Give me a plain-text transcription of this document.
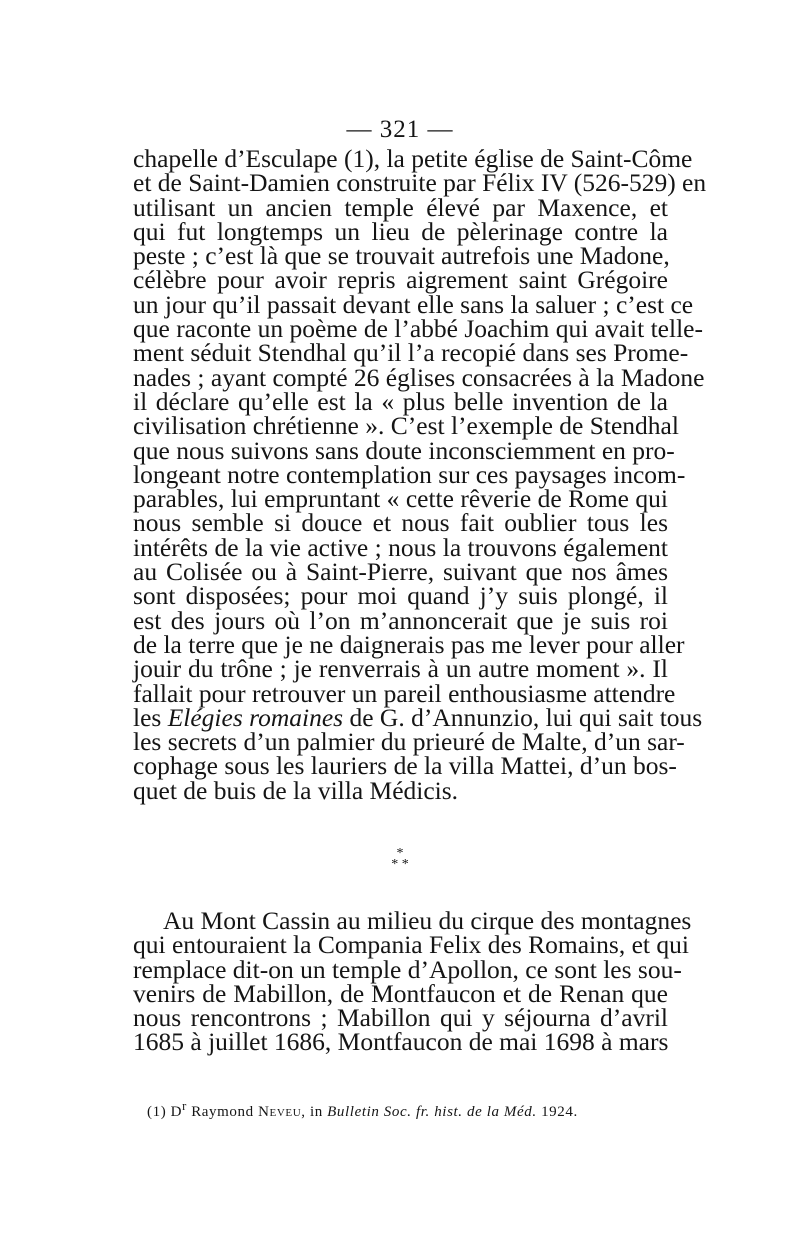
— 321 —
chapelle d’Esculape (1), la petite église de Saint-Côme
et de Saint-Damien construite par Félix IV (526-529) en
utilisant un ancien temple élevé par Maxence, et
qui fut longtemps un lieu de pèlerinage contre la
peste ; c’est là que se trouvait autrefois une Madone,
célèbre pour avoir repris aigrement saint Grégoire
un jour qu’il passait devant elle sans la saluer ; c’est ce
que raconte un poème de l’abbé Joachim qui avait telle-
ment séduit Stendhal qu’il l’a recopié dans ses Prome-
nades ; ayant compté 26 églises consacrées à la Madone
il déclare qu’elle est la « plus belle invention de la
civilisation chrétienne ». C’est l’exemple de Stendhal
que nous suivons sans doute inconsciemment en pro-
longeant notre contemplation sur ces paysages incom-
parables, lui empruntant « cette rêverie de Rome qui
nous semble si douce et nous fait oublier tous les
intérêts de la vie active ; nous la trouvons également
au Colisée ou à Saint-Pierre, suivant que nos âmes
sont disposées; pour moi quand j’y suis plongé, il
est des jours où l’on m’annoncerait que je suis roi
de la terre que je ne daignerais pas me lever pour aller
jouir du trône ; je renverrais à un autre moment ». Il
fallait pour retrouver un pareil enthousiasme attendre
les Elégies romaines de G. d’Annunzio, lui qui sait tous
les secrets d’un palmier du prieuré de Malte, d’un sar-
cophage sous les lauriers de la villa Mattei, d’un bos-
quet de buis de la villa Médicis.
*
* *
Au Mont Cassin au milieu du cirque des montagnes
qui entouraient la Compania Felix des Romains, et qui
remplace dit-on un temple d’Apollon, ce sont les sou-
venirs de Mabillon, de Montfaucon et de Renan que
nous rencontrons ; Mabillon qui y séjourna d’avril
1685 à juillet 1686, Montfaucon de mai 1698 à mars
(1) $D^r$ Raymond Neveu, in Bulletin Soc. fr. hist. de la Méd. 1924.
